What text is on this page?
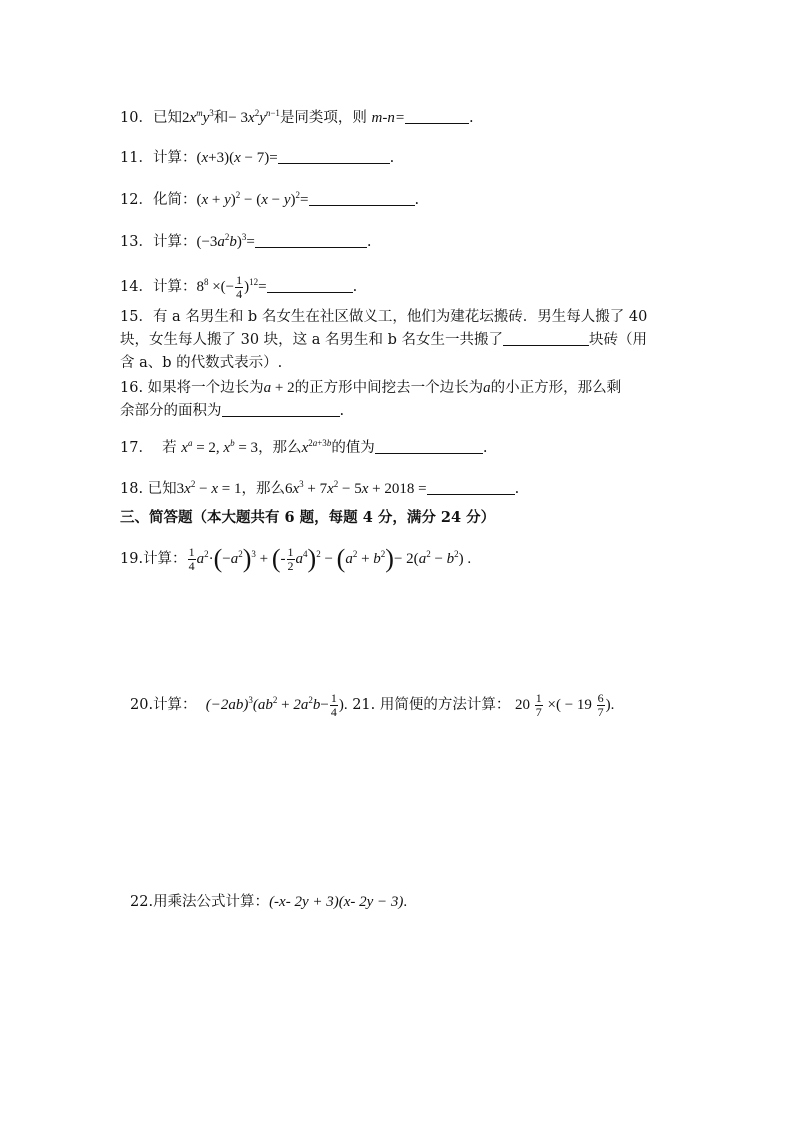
10．已知$2x^my^3$和− $3x^2y^{n-1}$是同类项，则 m-n=	.
11．计算：(x+3)(x − 7)=	.
12．化简：$(x + y)^2 - (x - y)^2=$	.
13．计算：$(-3a^2b)^3=$	.
14．计算：$8^8$ ×(− $\frac{1}{4} )^{12}=$	.
15．有 a 名男生和 b 名女生在社区做义工，他们为建花坛搬砖．男生每人搬了 40
块，女生每人搬了 30 块，这 a 名男生和 b 名女生一共搬了	块砖（用
含 a、b 的代数式表示）.
16. 如果将一个边长为a + 2的正方形中间挖去一个边长为a的小正方形，那么剩
余部分的面积为	.
17． 若 $x^a = 2$, $x^b = 3$，那么$x^{2a+3b}$的值为	.
18. 已知$3x^2 - x = 1$，那么$6x^3 + 7x^2 - 5x + 2018$ =	.
三、简答题（本大题共有 6 题，每题 4 分，满分 24 分）
19.计算： $\frac{1}{4} a^2\cdot(-a^2)^3$ + (- $\frac{1}{2} a^4)^2 - (a^2 + b^2)- 2(a^2 - b^2)$ .
20.计算： $(-2ab)^3(ab^2 + 2a^2b- \frac{1}{4}$ ). 21. 用简便的方法计算： $20 \frac{1}{7}$ ×( − $19 \frac{6}{7}$ ).
22.用乘法公式计算：(-x- 2y + 3)(x- 2y − 3).
